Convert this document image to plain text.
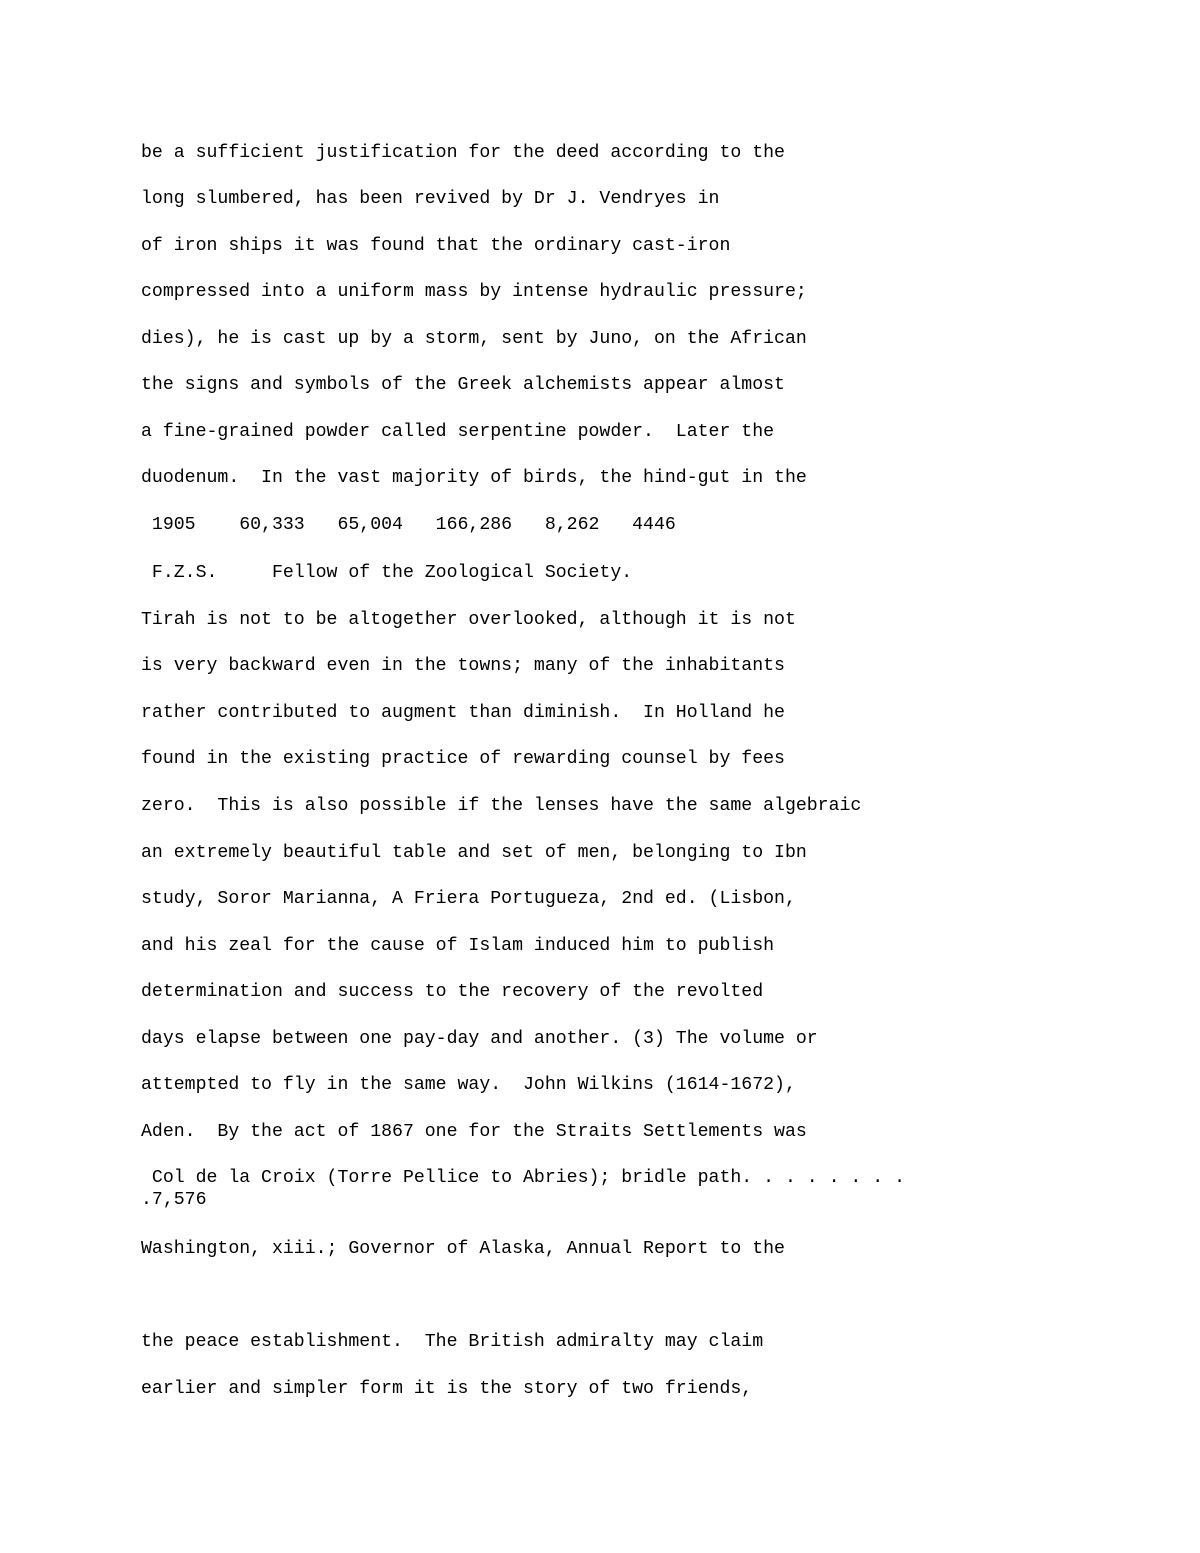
be a sufficient justification for the deed according to the

long slumbered, has been revived by Dr J. Vendryes in

of iron ships it was found that the ordinary cast-iron

compressed into a uniform mass by intense hydraulic pressure;

dies), he is cast up by a storm, sent by Juno, on the African

the signs and symbols of the Greek alchemists appear almost

a fine-grained powder called serpentine powder.  Later the

duodenum.  In the vast majority of birds, the hind-gut in the

1905    60,333   65,004   166,286   8,262   4446

F.Z.S.     Fellow of the Zoological Society.

Tirah is not to be altogether overlooked, although it is not

is very backward even in the towns; many of the inhabitants

rather contributed to augment than diminish.  In Holland he

found in the existing practice of rewarding counsel by fees

zero.  This is also possible if the lenses have the same algebraic

an extremely beautiful table and set of men, belonging to Ibn

study, Soror Marianna, A Friera Portugueza, 2nd ed. (Lisbon,

and his zeal for the cause of Islam induced him to publish

determination and success to the recovery of the revolted

days elapse between one pay-day and another. (3) The volume or

attempted to fly in the same way.  John Wilkins (1614-1672),

Aden.  By the act of 1867 one for the Straits Settlements was

Col de la Croix (Torre Pellice to Abries); bridle path. . . . . . . .
.7,576

Washington, xiii.; Governor of Alaska, Annual Report to the

the peace establishment.  The British admiralty may claim

earlier and simpler form it is the story of two friends,
